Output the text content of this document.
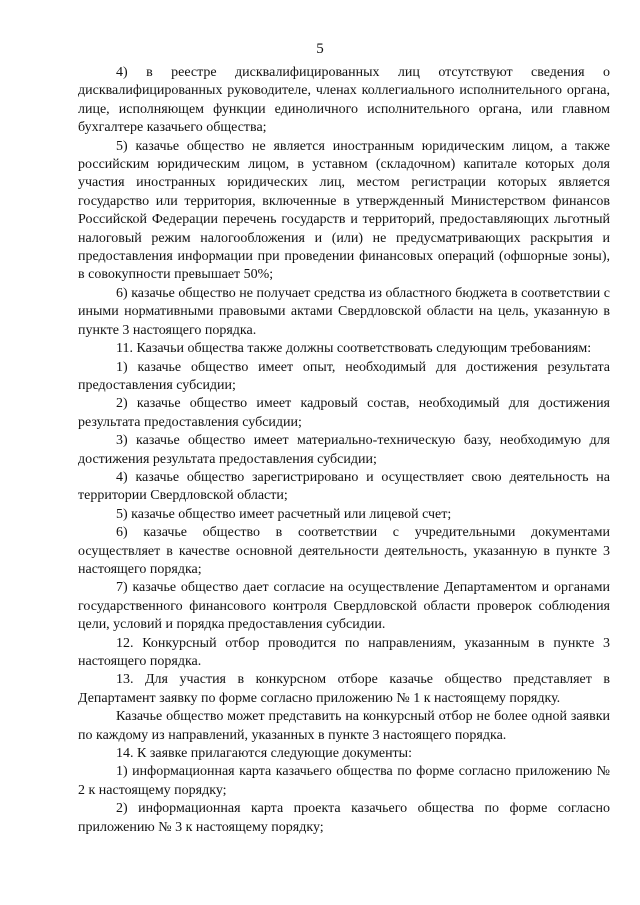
5

4) в реестре дисквалифицированных лиц отсутствуют сведения о дисквалифицированных руководителе, членах коллегиального исполнительного органа, лице, исполняющем функции единоличного исполнительного органа, или главном бухгалтере казачьего общества;

5) казачье общество не является иностранным юридическим лицом, а также российским юридическим лицом, в уставном (складочном) капитале которых доля участия иностранных юридических лиц, местом регистрации которых является государство или территория, включенные в утвержденный Министерством финансов Российской Федерации перечень государств и территорий, предоставляющих льготный налоговый режим налогообложения и (или) не предусматривающих раскрытия и предоставления информации при проведении финансовых операций (офшорные зоны), в совокупности превышает 50%;

6) казачье общество не получает средства из областного бюджета в соответствии с иными нормативными правовыми актами Свердловской области на цель, указанную в пункте 3 настоящего порядка.

11. Казачьи общества также должны соответствовать следующим требованиям:

1) казачье общество имеет опыт, необходимый для достижения результата предоставления субсидии;

2) казачье общество имеет кадровый состав, необходимый для достижения результата предоставления субсидии;

3) казачье общество имеет материально-техническую базу, необходимую для достижения результата предоставления субсидии;

4) казачье общество зарегистрировано и осуществляет свою деятельность на территории Свердловской области;

5) казачье общество имеет расчетный или лицевой счет;

6) казачье общество в соответствии с учредительными документами осуществляет в качестве основной деятельности деятельность, указанную в пункте 3 настоящего порядка;

7) казачье общество дает согласие на осуществление Департаментом и органами государственного финансового контроля Свердловской области проверок соблюдения цели, условий и порядка предоставления субсидии.

12. Конкурсный отбор проводится по направлениям, указанным в пункте 3 настоящего порядка.

13. Для участия в конкурсном отборе казачье общество представляет в Департамент заявку по форме согласно приложению № 1 к настоящему порядку.

Казачье общество может представить на конкурсный отбор не более одной заявки по каждому из направлений, указанных в пункте 3 настоящего порядка.

14. К заявке прилагаются следующие документы:

1) информационная карта казачьего общества по форме согласно приложению № 2 к настоящему порядку;

2) информационная карта проекта казачьего общества по форме согласно приложению № 3 к настоящему порядку;
